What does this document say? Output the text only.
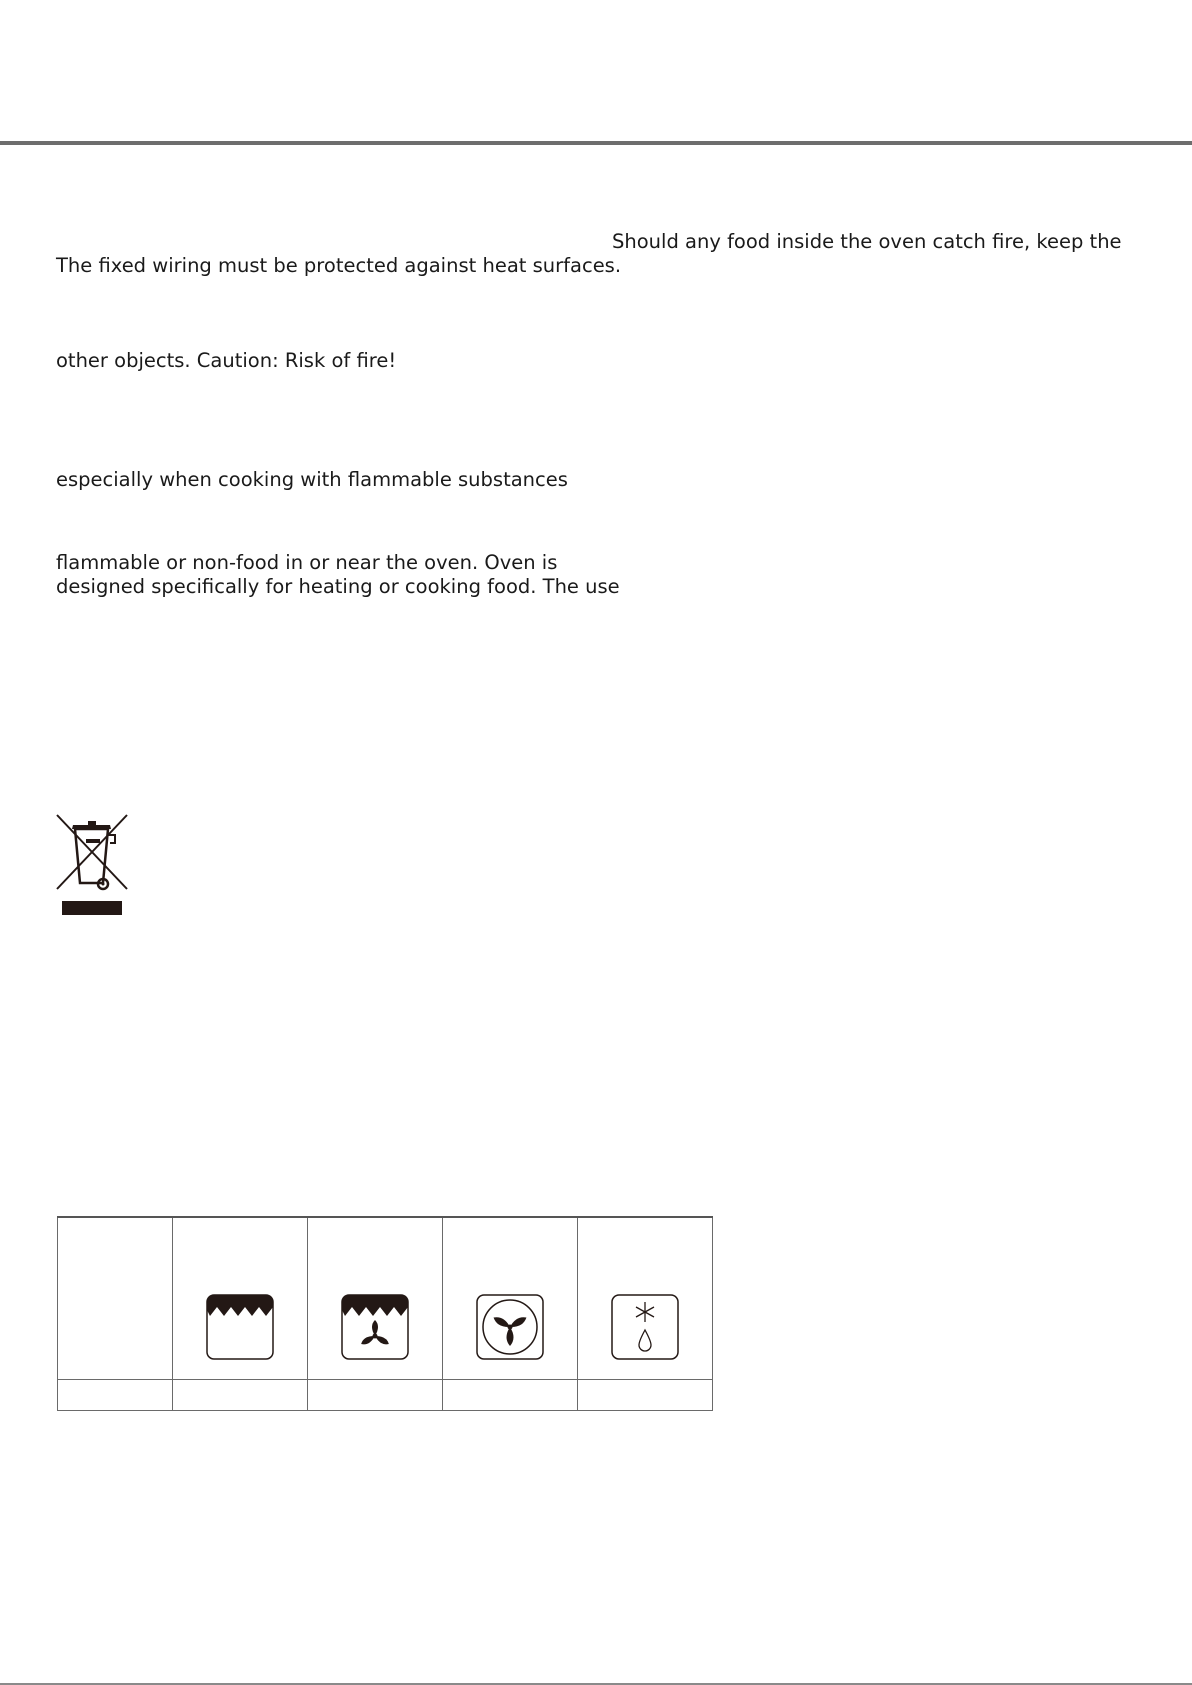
Should any food inside the oven catch fire, keep the
The fixed wiring must be protected against heat surfaces.
other objects. Caution: Risk of fire!
especially when cooking with flammable substances
flammable or non-food in or near the oven. Oven is
designed specifically for heating or cooking food. The use
